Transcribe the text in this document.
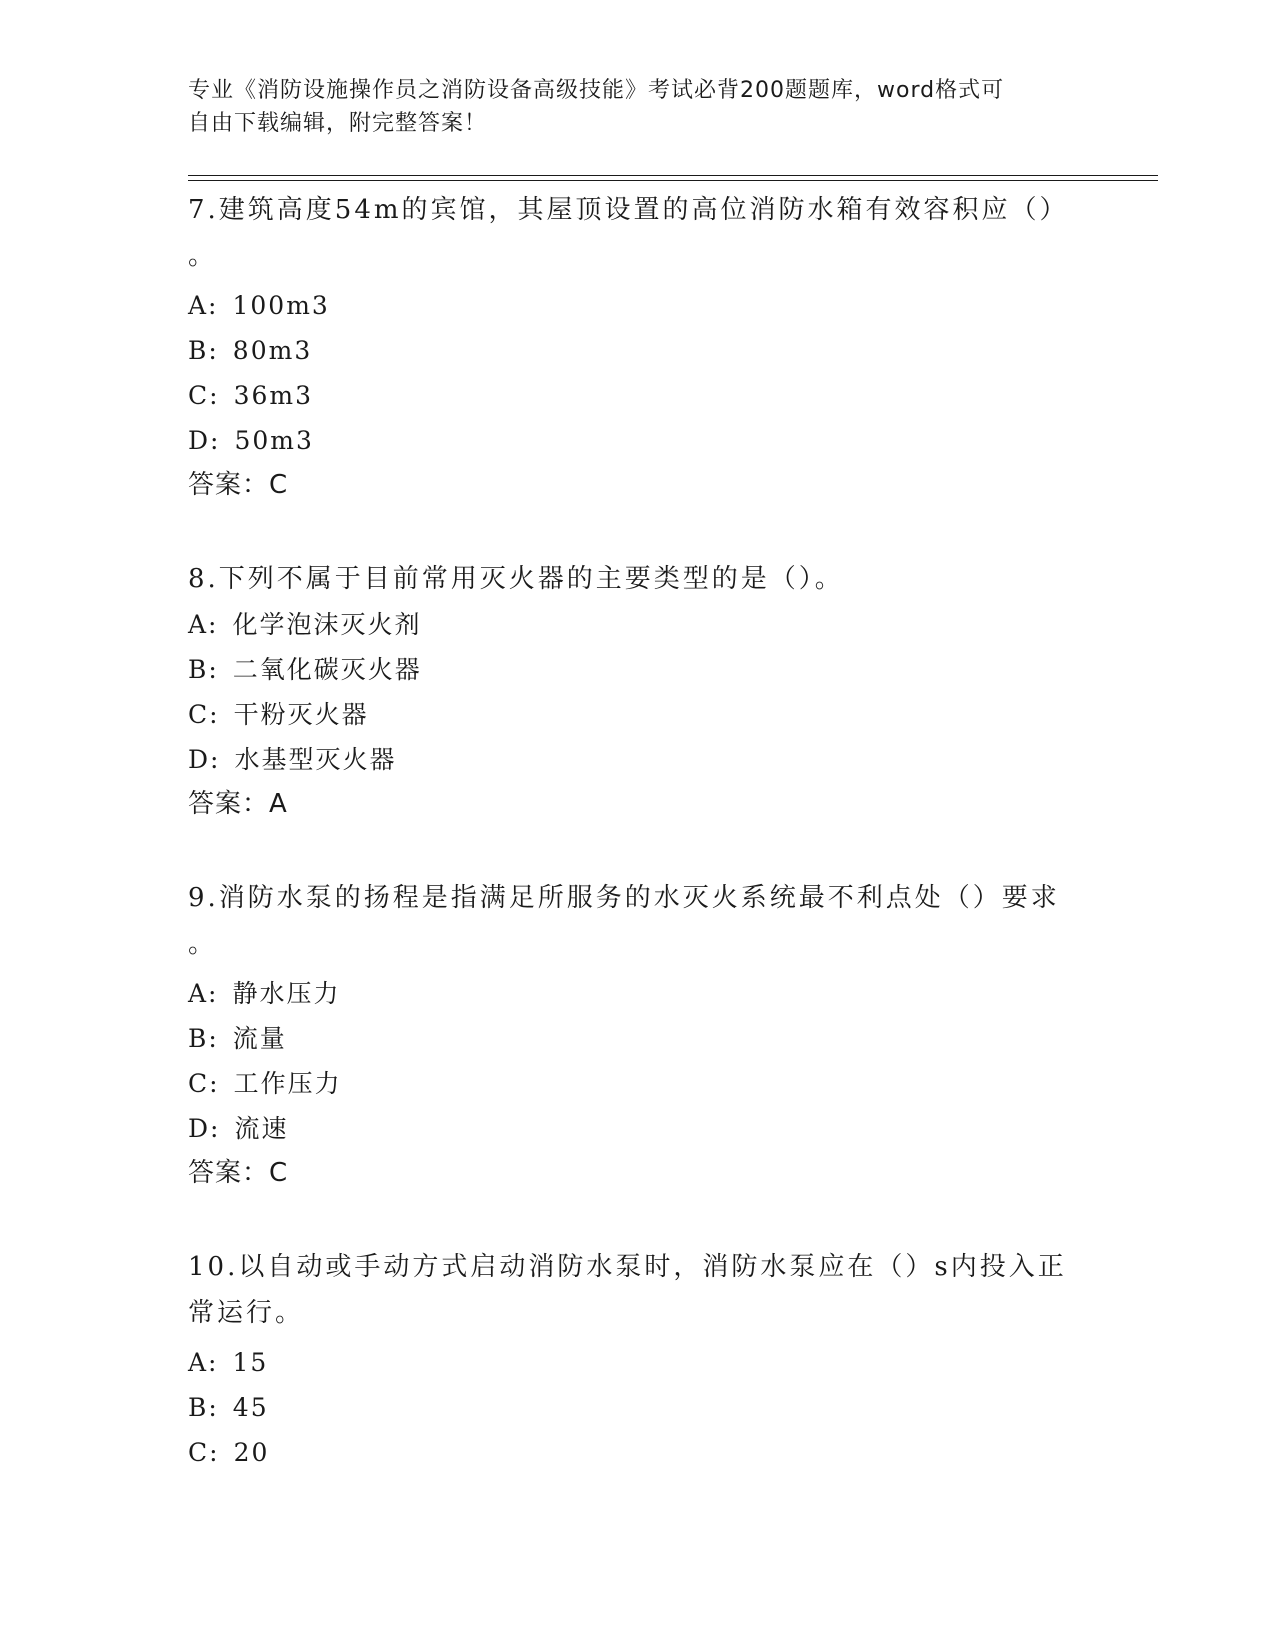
专业《消防设施操作员之消防设备高级技能》考试必背200题题库，word格式可
自由下载编辑，附完整答案！

7.建筑高度54m的宾馆，其屋顶设置的高位消防水箱有效容积应（）

。

A: 100m3

B: 80m3

C: 36m3

D: 50m3

答案：C

8.下列不属于目前常用灭火器的主要类型的是（）。

A: 化学泡沫灭火剂

B: 二氧化碳灭火器

C: 干粉灭火器

D: 水基型灭火器

答案：A

9.消防水泵的扬程是指满足所服务的水灭火系统最不利点处（）要求

。

A: 静水压力

B: 流量

C: 工作压力

D: 流速

答案：C

10.以自动或手动方式启动消防水泵时，消防水泵应在（）s内投入正

常运行。

A: 15

B: 45

C: 20
